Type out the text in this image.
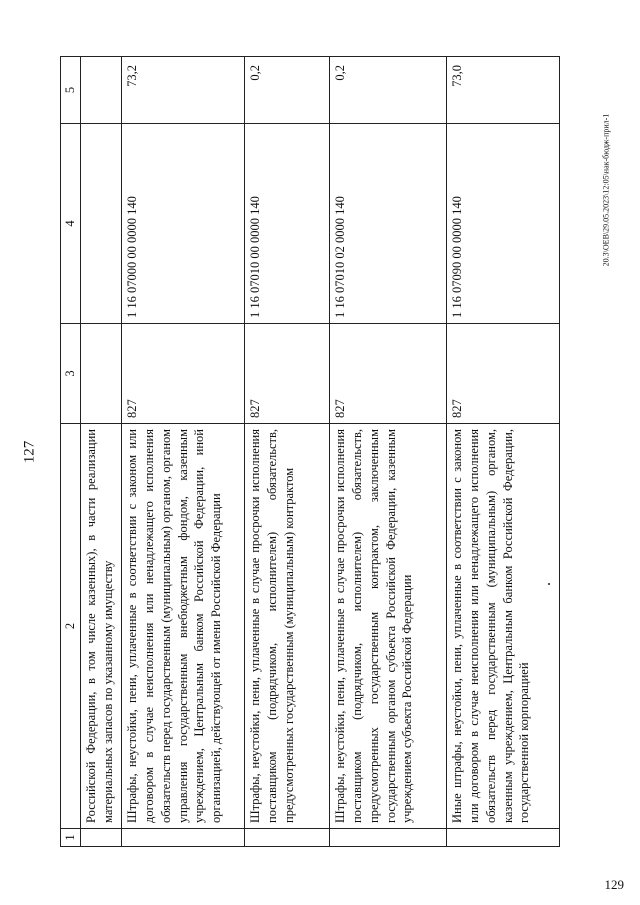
127
20.3\OEB\29.05.2023\12:05\нак-бюдж-прил-1
129
1	2	3	4	5
	Российской Федерации, в том числе казенных), в части реализации материальных запасов по указанному имуществу			
	Штрафы, неустойки, пени, уплаченные в соответствии с законом или договором в случае неисполнения или ненадлежащего исполнения обязательств перед государственным (муниципальным) органом, органом управления государственным внебюджетным фондом, казенным учреждением, Центральным банком Российской Федерации, иной организацией, действующей от имени Российской Федерации	827	1 16 07000 00 0000 140	73,2
	Штрафы, неустойки, пени, уплаченные в случае просрочки исполнения поставщиком (подрядчиком, исполнителем) обязательств, предусмотренных государственным (муниципальным) контрактом	827	1 16 07010 00 0000 140	0,2
	Штрафы, неустойки, пени, уплаченные в случае просрочки исполнения поставщиком (подрядчиком, исполнителем) обязательств, предусмотренных государственным контрактом, заключенным государственным органом субъекта Российской Федерации, казенным учреждением субъекта Российской Федерации	827	1 16 07010 02 0000 140	0,2
	Иные штрафы, неустойки, пени, уплаченные в соответствии с законом или договором в случае неисполнения или ненадлежащего исполнения обязательств перед государственным (муниципальным) органом, казенным учреждением, Центральным банком Российской Федерации, государственной корпорацией	827	1 16 07090 00 0000 140	73,0
